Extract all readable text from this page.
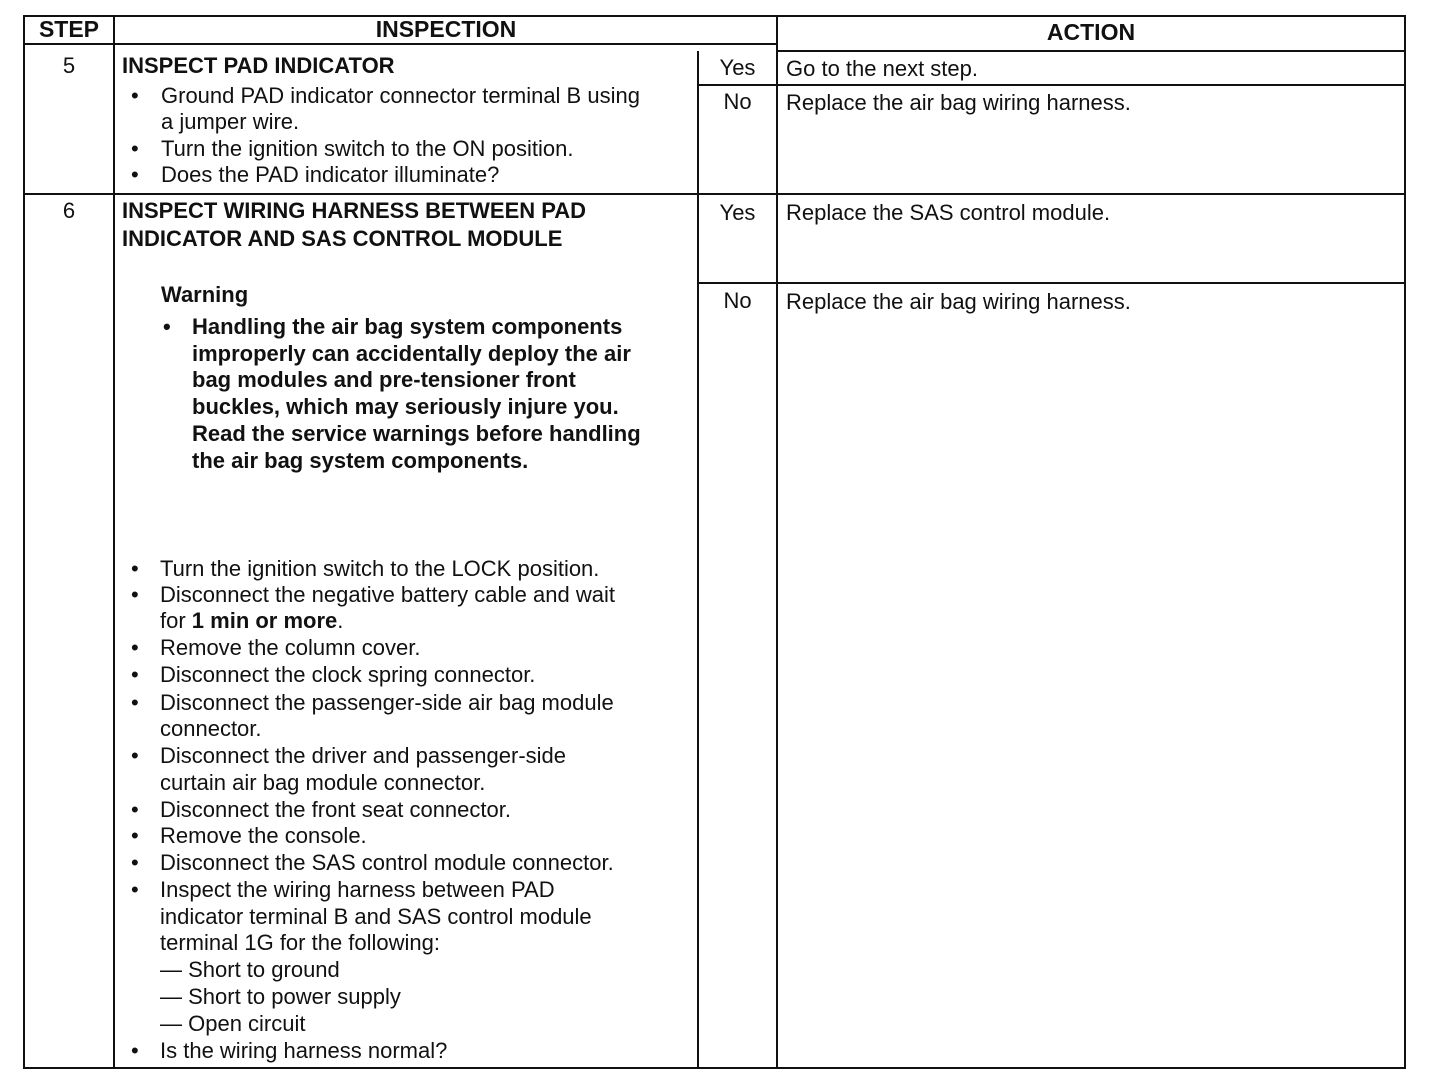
STEP	INSPECTION	ACTION
5	INSPECT PAD INDICATOR
• Ground PAD indicator connector terminal B using
a jumper wire.
• Turn the ignition switch to the ON position.
• Does the PAD indicator illuminate?
Yes	Go to the next step.
No	Replace the air bag wiring harness.
6	INSPECT WIRING HARNESS BETWEEN PAD
INDICATOR AND SAS CONTROL MODULE
Warning
• Handling the air bag system components
improperly can accidentally deploy the air
bag modules and pre-tensioner front
buckles, which may seriously injure you.
Read the service warnings before handling
the air bag system components.
• Turn the ignition switch to the LOCK position.
• Disconnect the negative battery cable and wait
for 1 min or more.
• Remove the column cover.
• Disconnect the clock spring connector.
• Disconnect the passenger-side air bag module
connector.
• Disconnect the driver and passenger-side
curtain air bag module connector.
• Disconnect the front seat connector.
• Remove the console.
• Disconnect the SAS control module connector.
• Inspect the wiring harness between PAD
indicator terminal B and SAS control module
terminal 1G for the following:
— Short to ground
— Short to power supply
— Open circuit
• Is the wiring harness normal?
Yes	Replace the SAS control module.
No	Replace the air bag wiring harness.
